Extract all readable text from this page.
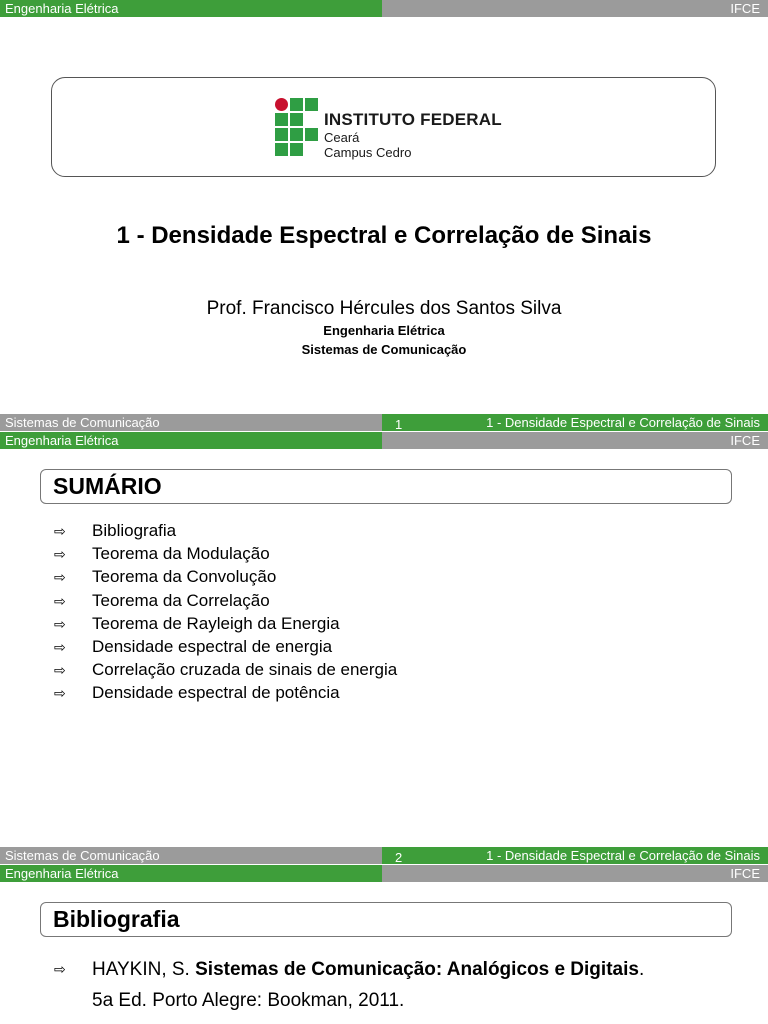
Engenharia Elétrica	IFCE
INSTITUTO FEDERAL
Ceará
Campus Cedro
1 - Densidade Espectral e Correlação de Sinais
Prof. Francisco Hércules dos Santos Silva
Engenharia Elétrica
Sistemas de Comunicação
Sistemas de Comunicação	1	1 - Densidade Espectral e Correlação de Sinais
Engenharia Elétrica	IFCE
SUMÁRIO
⇨ Bibliografia
⇨ Teorema da Modulação
⇨ Teorema da Convolução
⇨ Teorema da Correlação
⇨ Teorema de Rayleigh da Energia
⇨ Densidade espectral de energia
⇨ Correlação cruzada de sinais de energia
⇨ Densidade espectral de potência
Sistemas de Comunicação	2	1 - Densidade Espectral e Correlação de Sinais
Engenharia Elétrica	IFCE
Bibliografia
⇨ HAYKIN, S. Sistemas de Comunicação: Analógicos e Digitais.
5a Ed. Porto Alegre: Bookman, 2011.
